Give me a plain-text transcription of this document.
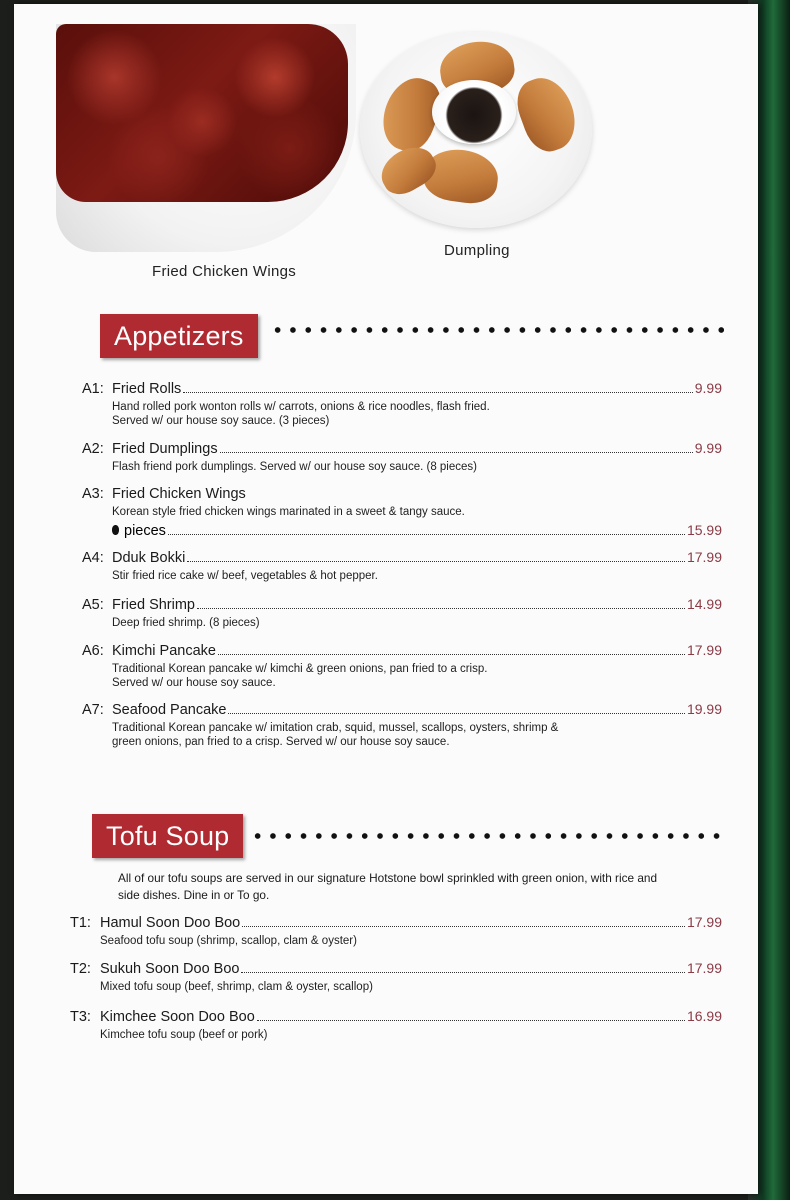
Dumpling
Fried Chicken Wings
Appetizers
A1: Fried Rolls	9.99
Hand rolled pork wonton rolls w/ carrots, onions & rice noodles, flash fried.
Served w/ our house soy sauce. (3 pieces)
A2: Fried Dumplings	9.99
Flash friend pork dumplings. Served w/ our house soy sauce. (8 pieces)
A3: Fried Chicken Wings
Korean style fried chicken wings marinated in a sweet & tangy sauce.
pieces	15.99
A4: Dduk Bokki	17.99
Stir fried rice cake w/ beef, vegetables & hot pepper.
A5: Fried Shrimp	14.99
Deep fried shrimp. (8 pieces)
A6: Kimchi Pancake	17.99
Traditional Korean pancake w/ kimchi & green onions, pan fried to a crisp.
Served w/ our house soy sauce.
A7: Seafood Pancake	19.99
Traditional Korean pancake w/ imitation crab, squid, mussel, scallops, oysters, shrimp &
green onions, pan fried to a crisp. Served w/ our house soy sauce.
Tofu Soup
All of our tofu soups are served in our signature Hotstone bowl sprinkled with green onion, with rice and side dishes. Dine in or To go.
T1: Hamul Soon Doo Boo	17.99
Seafood tofu soup (shrimp, scallop, clam & oyster)
T2: Sukuh Soon Doo Boo	17.99
Mixed tofu soup (beef, shrimp, clam & oyster, scallop)
T3: Kimchee Soon Doo Boo	16.99
Kimchee tofu soup (beef or pork)
